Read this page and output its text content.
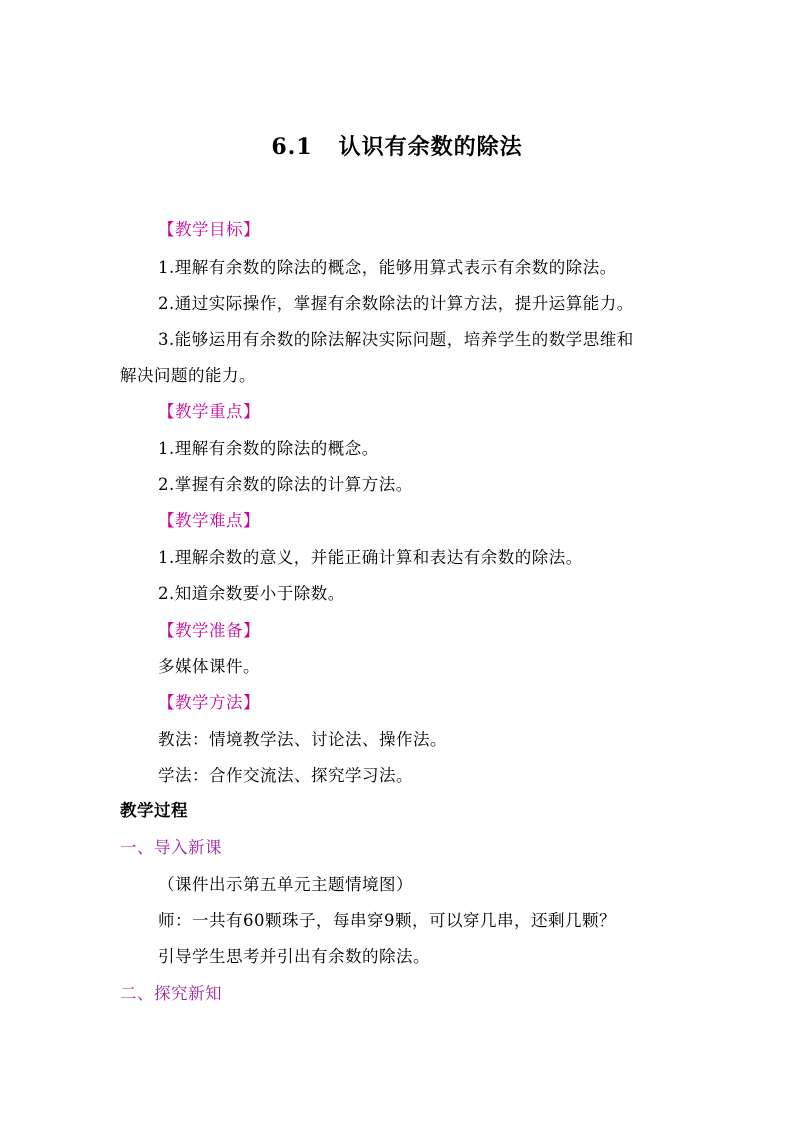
6.1 认识有余数的除法
【教学目标】
1.理解有余数的除法的概念，能够用算式表示有余数的除法。
2.通过实际操作，掌握有余数除法的计算方法，提升运算能力。
3.能够运用有余数的除法解决实际问题，培养学生的数学思维和
解决问题的能力。
【教学重点】
1.理解有余数的除法的概念。
2.掌握有余数的除法的计算方法。
【教学难点】
1.理解余数的意义，并能正确计算和表达有余数的除法。
2.知道余数要小于除数。
【教学准备】
多媒体课件。
【教学方法】
教法：情境教学法、讨论法、操作法。
学法：合作交流法、探究学习法。
教学过程
一、导入新课
（课件出示第五单元主题情境图）
师：一共有60颗珠子，每串穿9颗，可以穿几串，还剩几颗？
引导学生思考并引出有余数的除法。
二、探究新知
